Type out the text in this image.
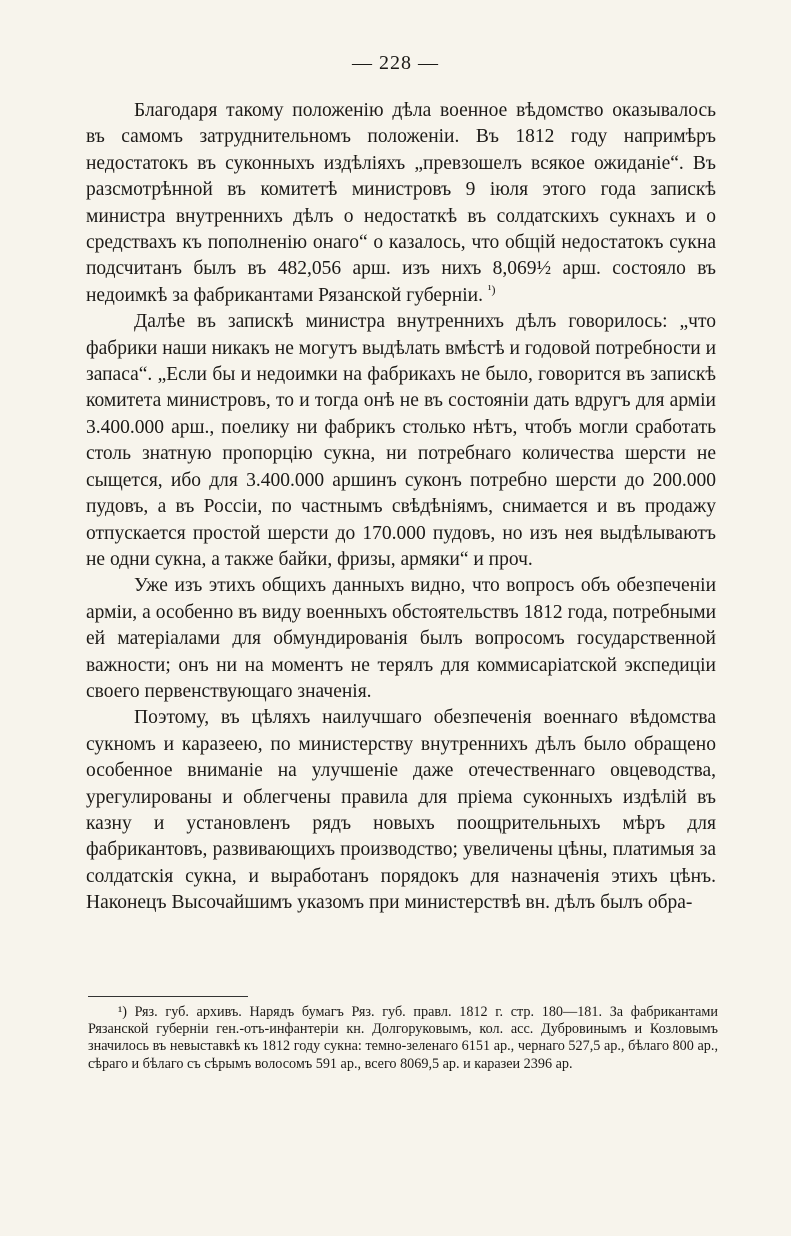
— 228 —

Благодаря такому положенію дѣла военное вѣдомство оказывалось въ самомъ затруднительномъ положеніи. Въ 1812 году напримѣръ недостатокъ въ суконныхъ издѣліяхъ „превзошелъ всякое ожиданіе“. Въ разсмотрѣнной въ комитетѣ министровъ 9 іюля этого года запискѣ министра внутреннихъ дѣлъ о недостаткѣ въ солдатскихъ сукнахъ и о средствахъ къ пополненію онаго“ о казалось, что общій недостатокъ сукна подсчитанъ былъ въ 482,056 арш. изъ нихъ 8,069½ арш. состояло въ недоимкѣ за фабрикантами Рязанской губерніи. $^{^1)}$

Далѣе въ запискѣ министра внутреннихъ дѣлъ говорилось: „что фабрики наши никакъ не могутъ выдѣлать вмѣстѣ и годовой потребности и запаса“. „Если бы и недоимки на фабрикахъ не было, говорится въ запискѣ комитета министровъ, то и тогда онѣ не въ состояніи дать вдругъ для арміи 3.400.000 арш., поелику ни фабрикъ столько нѣтъ, чтобъ могли сработать столь знатную пропорцію сукна, ни потребнаго количества шерсти не сыщется, ибо для 3.400.000 аршинъ суконъ потребно шерсти до 200.000 пудовъ, а въ Россіи, по частнымъ свѣдѣніямъ, снимается и въ продажу отпускается простой шерсти до 170.000 пудовъ, но изъ нея выдѣлываютъ не одни сукна, а также байки, фризы, армяки“ и проч.

Уже изъ этихъ общихъ данныхъ видно, что вопросъ объ обезпеченіи арміи, а особенно въ виду военныхъ обстоятельствъ 1812 года, потребными ей матеріалами для обмундированія былъ вопросомъ государственной важности; онъ ни на моментъ не терялъ для коммисаріатской экспедиціи своего первенствующаго значенія.

Поэтому, въ цѣляхъ наилучшаго обезпеченія военнаго вѣдомства сукномъ и каразеею, по министерству внутреннихъ дѣлъ было обращено особенное вниманіе на улучшеніе даже отечественнаго овцеводства, урегулированы и облегчены правила для пріема суконныхъ издѣлій въ казну и установленъ рядъ новыхъ поощрительныхъ мѣръ для фабрикантовъ, развивающихъ производство; увеличены цѣны, платимыя за солдатскія сукна, и выработанъ порядокъ для назначенія этихъ цѣнъ. Наконецъ Высочайшимъ указомъ при министерствѣ вн. дѣлъ былъ обра-

¹) Ряз. губ. архивъ. Нарядъ бумагъ Ряз. губ. правл. 1812 г. стр. 180—181. За фабрикантами Рязанской губерніи ген.-отъ-инфантеріи кн. Долгоруковымъ, кол. асс. Дубровинымъ и Козловымъ значилось въ невыставкѣ къ 1812 году сукна: темно-зеленаго 6151 ар., чернаго 527,5 ар., бѣлаго 800 ар., сѣраго и бѣлаго съ сѣрымъ волосомъ 591 ар., всего 8069,5 ар. и каразеи 2396 ар.
